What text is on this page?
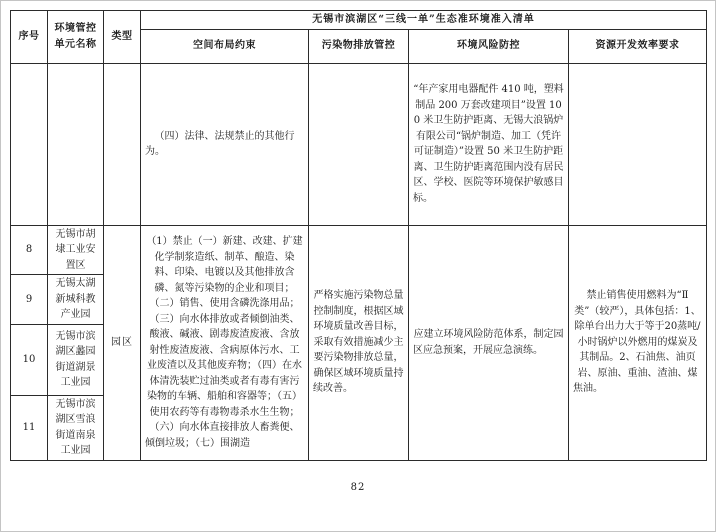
序号	环境管控单元名称	类型	无锡市滨湖区“三线一单”生态准环境准入清单			
			空间布局约束	污染物排放管控	环境风险防控	资源开发效率要求
			（四）法律、法规禁止的其他行为。		“年产家用电器配件 410 吨，塑料制品 200 万套改建项目”设置 100 米卫生防护距离、无锡大浪锅炉有限公司“锅炉制造、加工（凭许可证制造）”设置 50 米卫生防护距离、卫生防护距离范围内没有居民区、学校、医院等环境保护敏感目标。	
8	无锡市胡埭工业安置区	园区	（1）禁止（一）新建、改建、扩建化学制浆造纸、制革、酿造、染料、印染、电镀以及其他排放含磷、氮等污染物的企业和项目；（二）销售、使用含磷洗涤用品；（三）向水体排放或者倾倒油类、酸液、碱液、剧毒废渣废液、含放射性废渣废液、含病原体污水、工业废渣以及其他废弃物；（四）在水体清洗装贮过油类或者有毒有害污染物的车辆、船舶和容器等；（五）使用农药等有毒物毒杀水生生物；（六）向水体直接排放人畜粪便、倾倒垃圾；（七）围湖造	严格实施污染物总量控制制度，根据区域环境质量改善目标，采取有效措施减少主要污染物排放总量，确保区域环境质量持续改善。	应建立环境风险防范体系，制定园区应急预案，开展应急演练。	禁止销售使用燃料为“Ⅱ类”（较严），具体包括：1、除单台出力大于等于20蒸吨/小时锅炉以外燃用的煤炭及其制品。2、石油焦、油页岩、原油、重油、渣油、煤焦油。
9	无锡太湖新城科教产业园					
10	无锡市滨湖区蠡园街道湖景工业园					
11	无锡市滨湖区雪浪街道南泉工业园					
82
